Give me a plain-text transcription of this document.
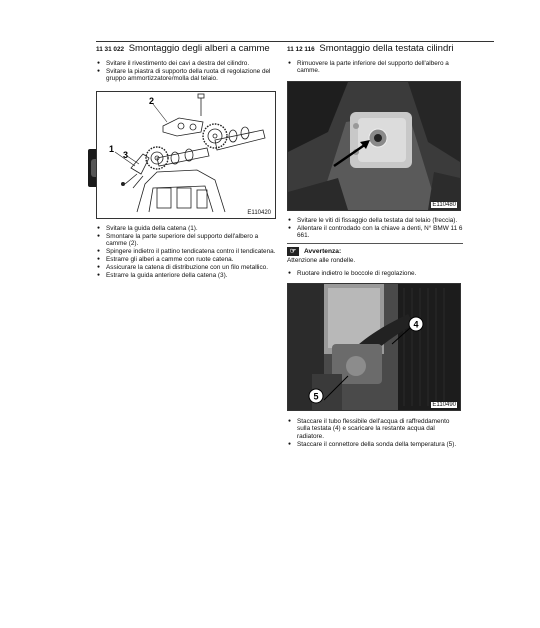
11 31 022 Smontaggio degli alberi a camme
● Svitare il rivestimento dei cavi a destra del cilindro.
● Svitare la piastra di supporto della ruota di regolazione del gruppo ammortizzatore/molla dal telaio.
2
1
3
E110420
● Svitare la guida della catena (1).
● Smontare la parte superiore del supporto dell'albero a camme (2).
● Spingere indietro il pattino tendicatena contro il tendicatena.
● Estrarre gli alberi a camme con ruote catena.
● Assicurare la catena di distribuzione con un filo metallico.
● Estrarre la guida anteriore della catena (3).
11 12 116 Smontaggio della testata cilindri
● Rimuovere la parte inferiore del supporto dell'albero a camme.
E110480
● Svitare le viti di fissaggio della testata dal telaio (freccia).
● Allentare il controdado con la chiave a denti, N° BMW 11 6 661.
☞	Avvertenza:
Attenzione alle rondelle.
● Ruotare indietro le boccole di regolazione.
4
5
E110490
● Staccare il tubo flessibile dell'acqua di raffreddamento sulla testata (4) e scaricare la restante acqua dal radiatore.
● Staccare il connettore della sonda della temperatura (5).
